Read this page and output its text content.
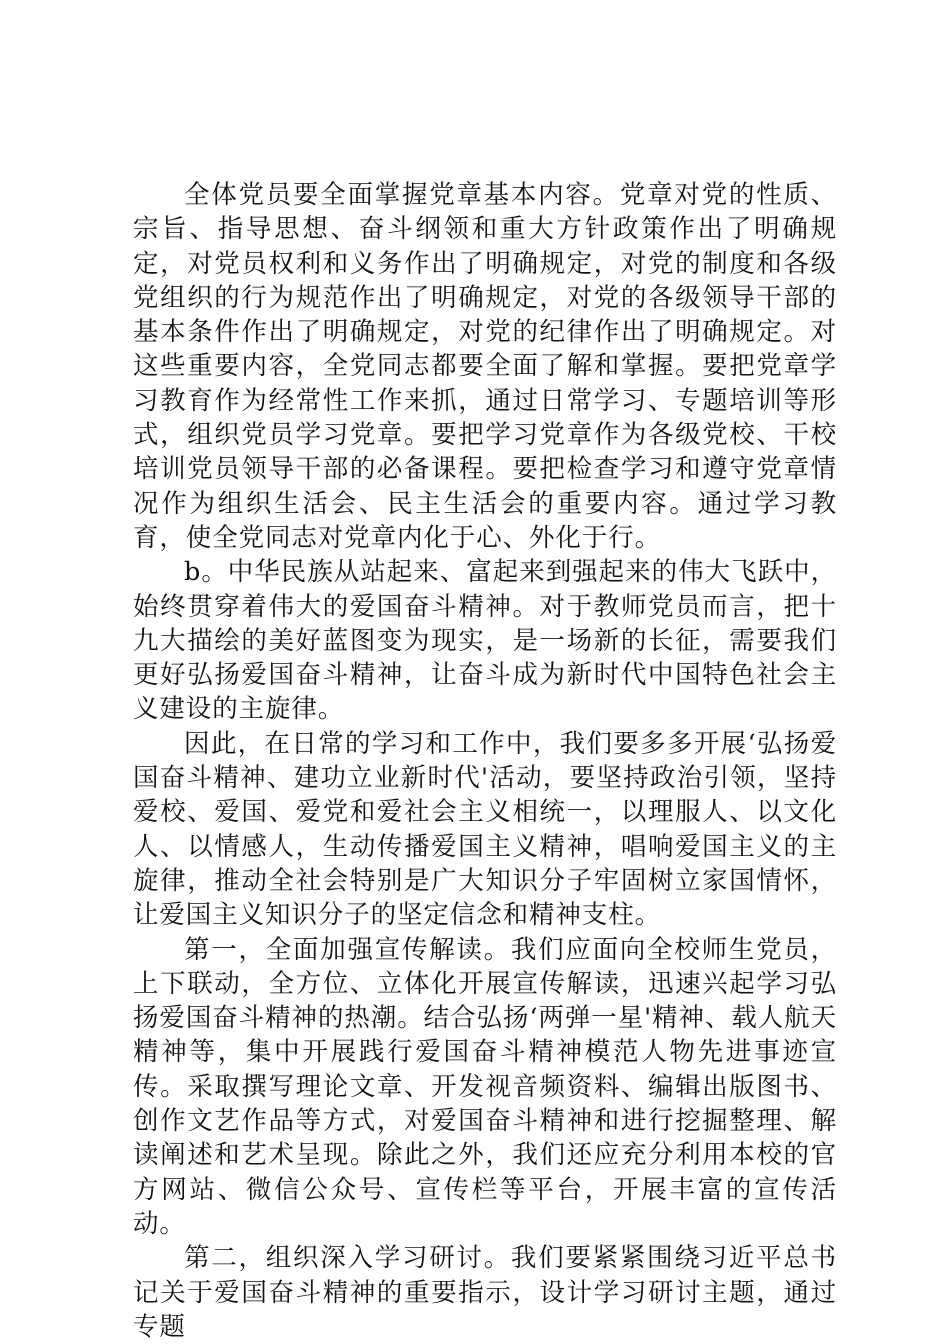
全体党员要全面掌握党章基本内容。党章对党的性质、宗旨、指导思想、奋斗纲领和重大方针政策作出了明确规定，对党员权利和义务作出了明确规定，对党的制度和各级党组织的行为规范作出了明确规定，对党的各级领导干部的基本条件作出了明确规定，对党的纪律作出了明确规定。对这些重要内容，全党同志都要全面了解和掌握。要把党章学习教育作为经常性工作来抓，通过日常学习、专题培训等形式，组织党员学习党章。要把学习党章作为各级党校、干校培训党员领导干部的必备课程。要把检查学习和遵守党章情况作为组织生活会、民主生活会的重要内容。通过学习教育，使全党同志对党章内化于心、外化于行。

b。中华民族从站起来、富起来到强起来的伟大飞跃中，始终贯穿着伟大的爱国奋斗精神。对于教师党员而言，把十九大描绘的美好蓝图变为现实，是一场新的长征，需要我们更好弘扬爱国奋斗精神，让奋斗成为新时代中国特色社会主义建设的主旋律。

因此，在日常的学习和工作中，我们要多多开展‘弘扬爱国奋斗精神、建功立业新时代'活动，要坚持政治引领，坚持爱校、爱国、爱党和爱社会主义相统一，以理服人、以文化人、以情感人，生动传播爱国主义精神，唱响爱国主义的主旋律，推动全社会特别是广大知识分子牢固树立家国情怀，让爱国主义知识分子的坚定信念和精神支柱。

第一，全面加强宣传解读。我们应面向全校师生党员，上下联动，全方位、立体化开展宣传解读，迅速兴起学习弘扬爱国奋斗精神的热潮。结合弘扬‘两弹一星'精神、载人航天精神等，集中开展践行爱国奋斗精神模范人物先进事迹宣传。采取撰写理论文章、开发视音频资料、编辑出版图书、创作文艺作品等方式，对爱国奋斗精神和进行挖掘整理、解读阐述和艺术呈现。除此之外，我们还应充分利用本校的官方网站、微信公众号、宣传栏等平台，开展丰富的宣传活动。

第二，组织深入学习研讨。我们要紧紧围绕习近平总书记关于爱国奋斗精神的重要指示，设计学习研讨主题，通过专题
